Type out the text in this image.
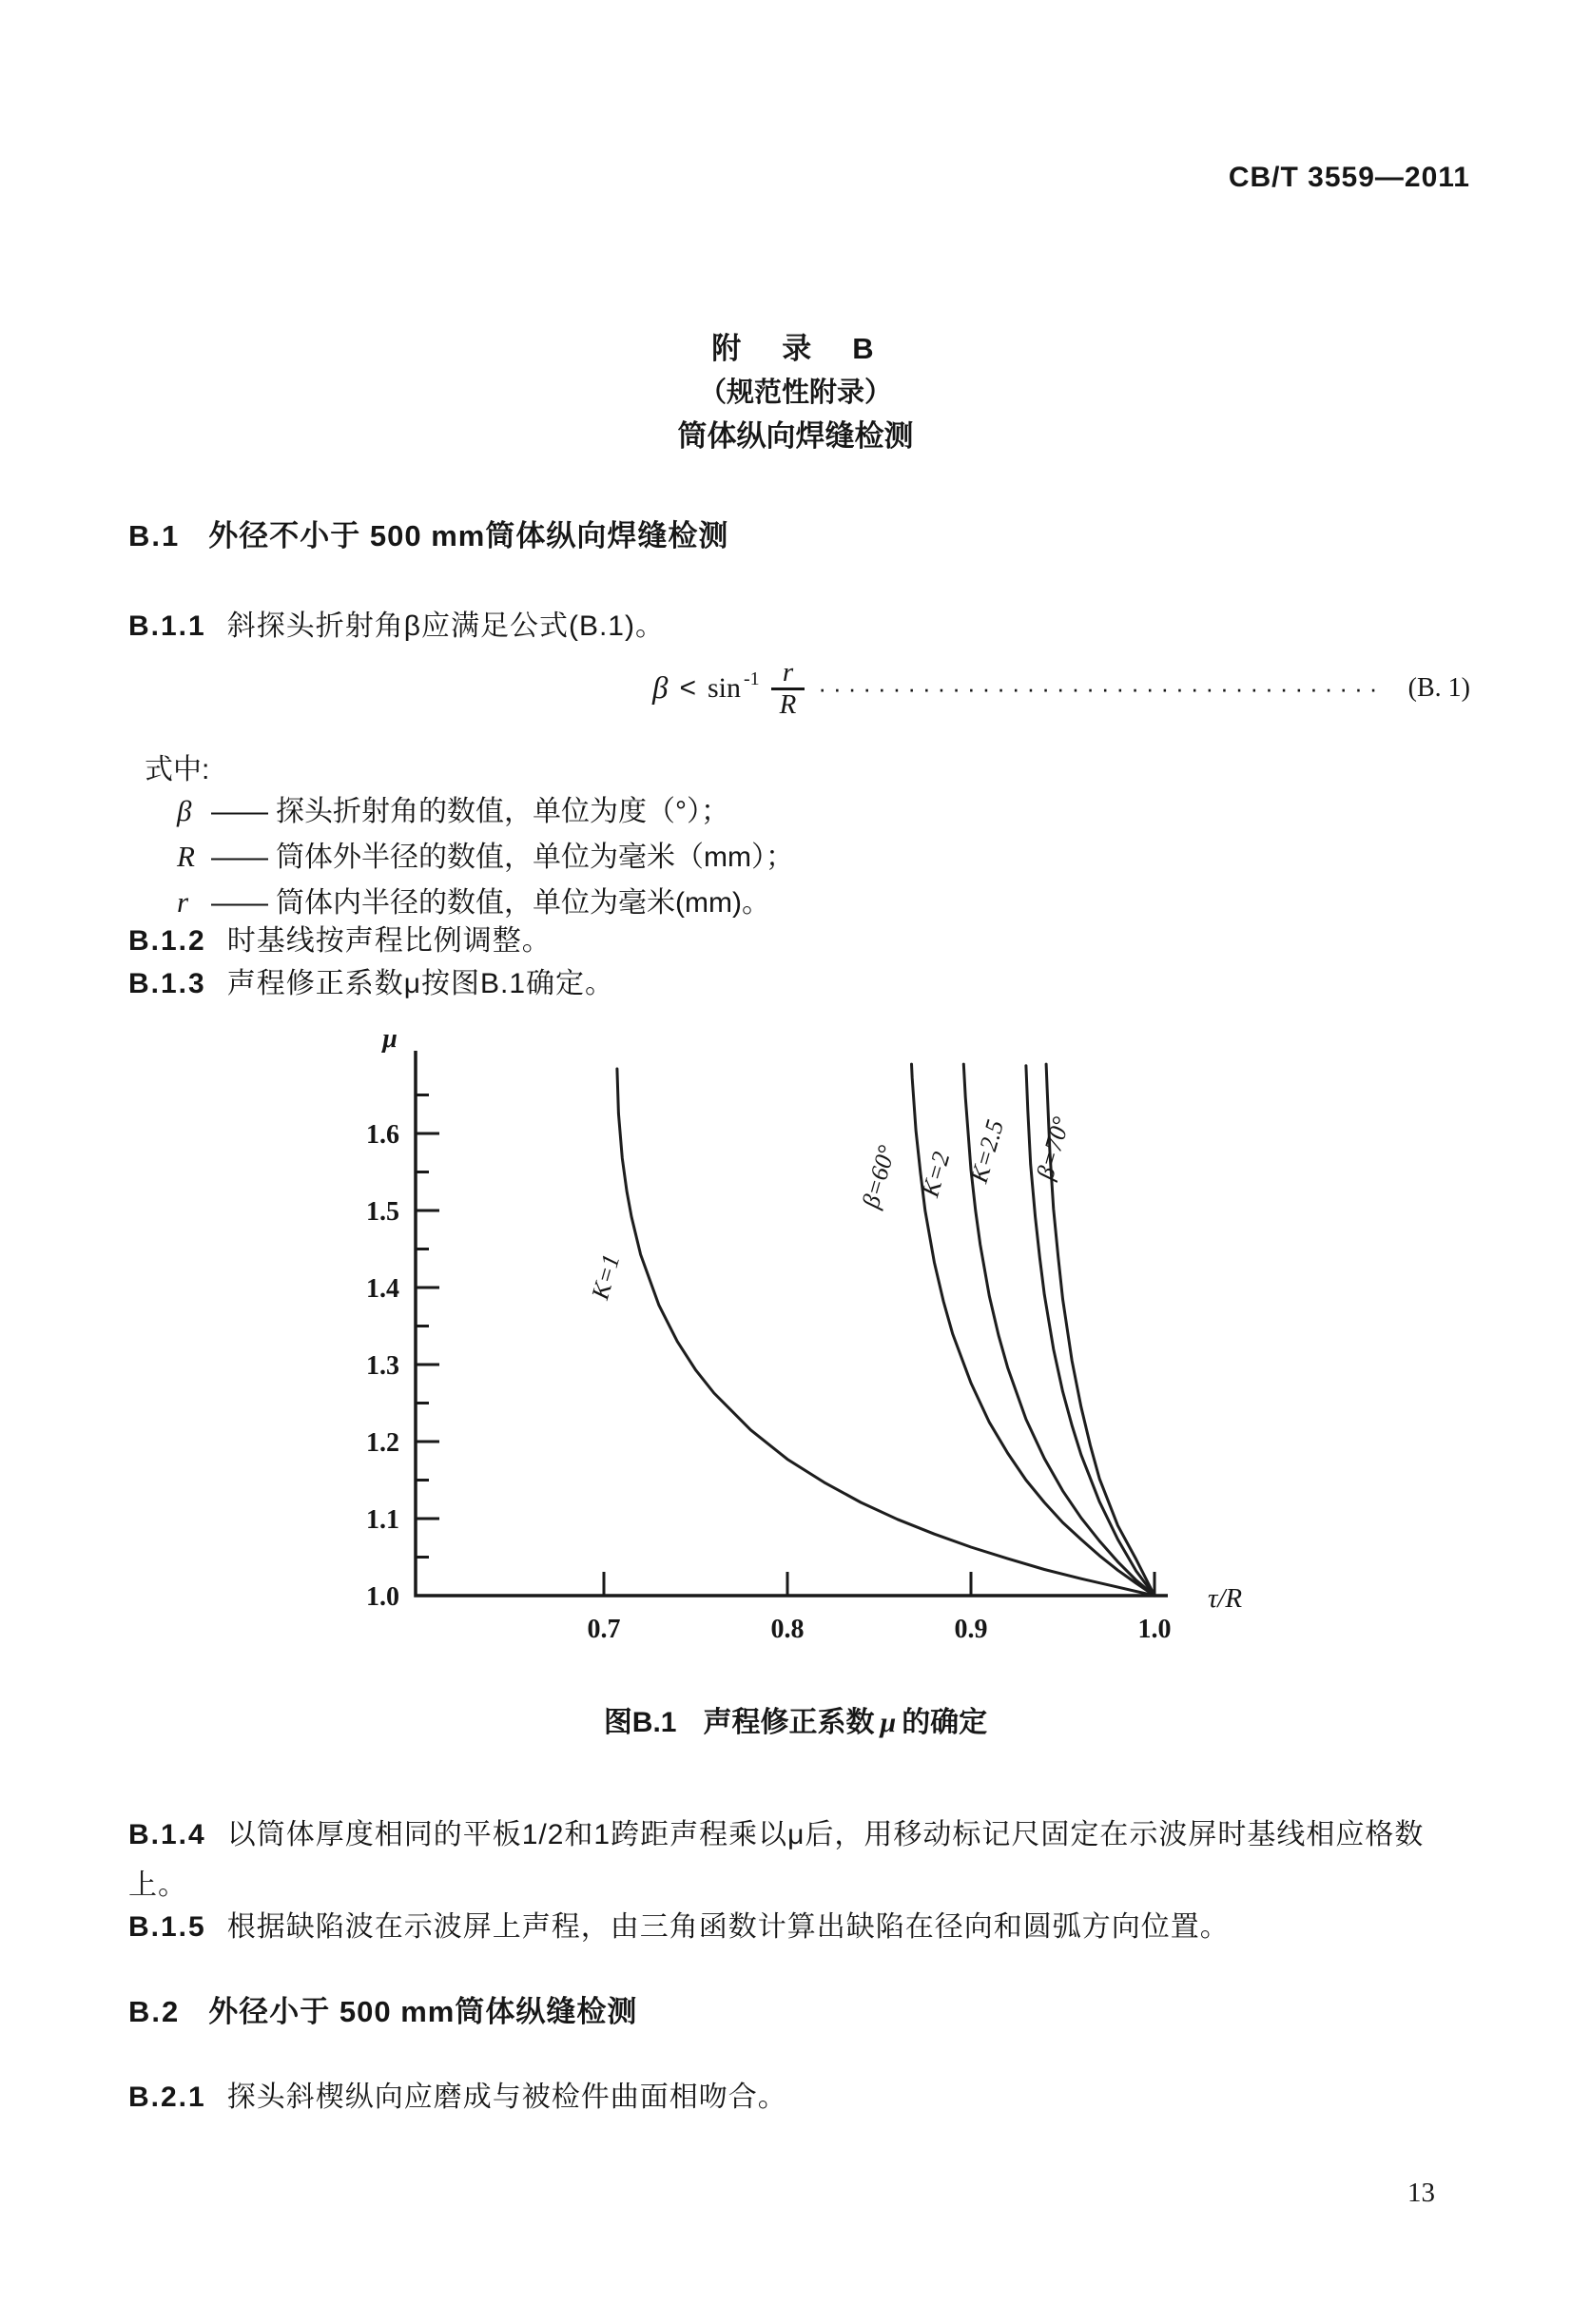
CB/T 3559—2011
附　录　B
（规范性附录）
筒体纵向焊缝检测
B.1 外径不小于 500 mm筒体纵向焊缝检测
B.1.1 斜探头折射角β应满足公式(B.1)。
$\beta < \sin -1 \frac{r}{R}$ ······································ (B. 1)
式中:
β —— 探头折射角的数值，单位为度（°）；
R —— 筒体外半径的数值，单位为毫米（mm）；
r —— 筒体内半径的数值，单位为毫米(mm)。
B.1.2 时基线按声程比例调整。
B.1.3 声程修正系数μ按图B.1确定。
1.0
1.1
1.2
1.3
1.4
1.5
1.6
0.7	0.8	0.9	1.0
μ
τ/R
K=1
β=60° K=2 K=2.5 β=70°
图B.1 声程修正系数 μ 的确定
B.1.4 以筒体厚度相同的平板1/2和1跨距声程乘以μ后，用移动标记尺固定在示波屏时基线相应格数上。
B.1.5 根据缺陷波在示波屏上声程，由三角函数计算出缺陷在径向和圆弧方向位置。
B.2 外径小于 500 mm筒体纵缝检测
B.2.1 探头斜楔纵向应磨成与被检件曲面相吻合。
13
